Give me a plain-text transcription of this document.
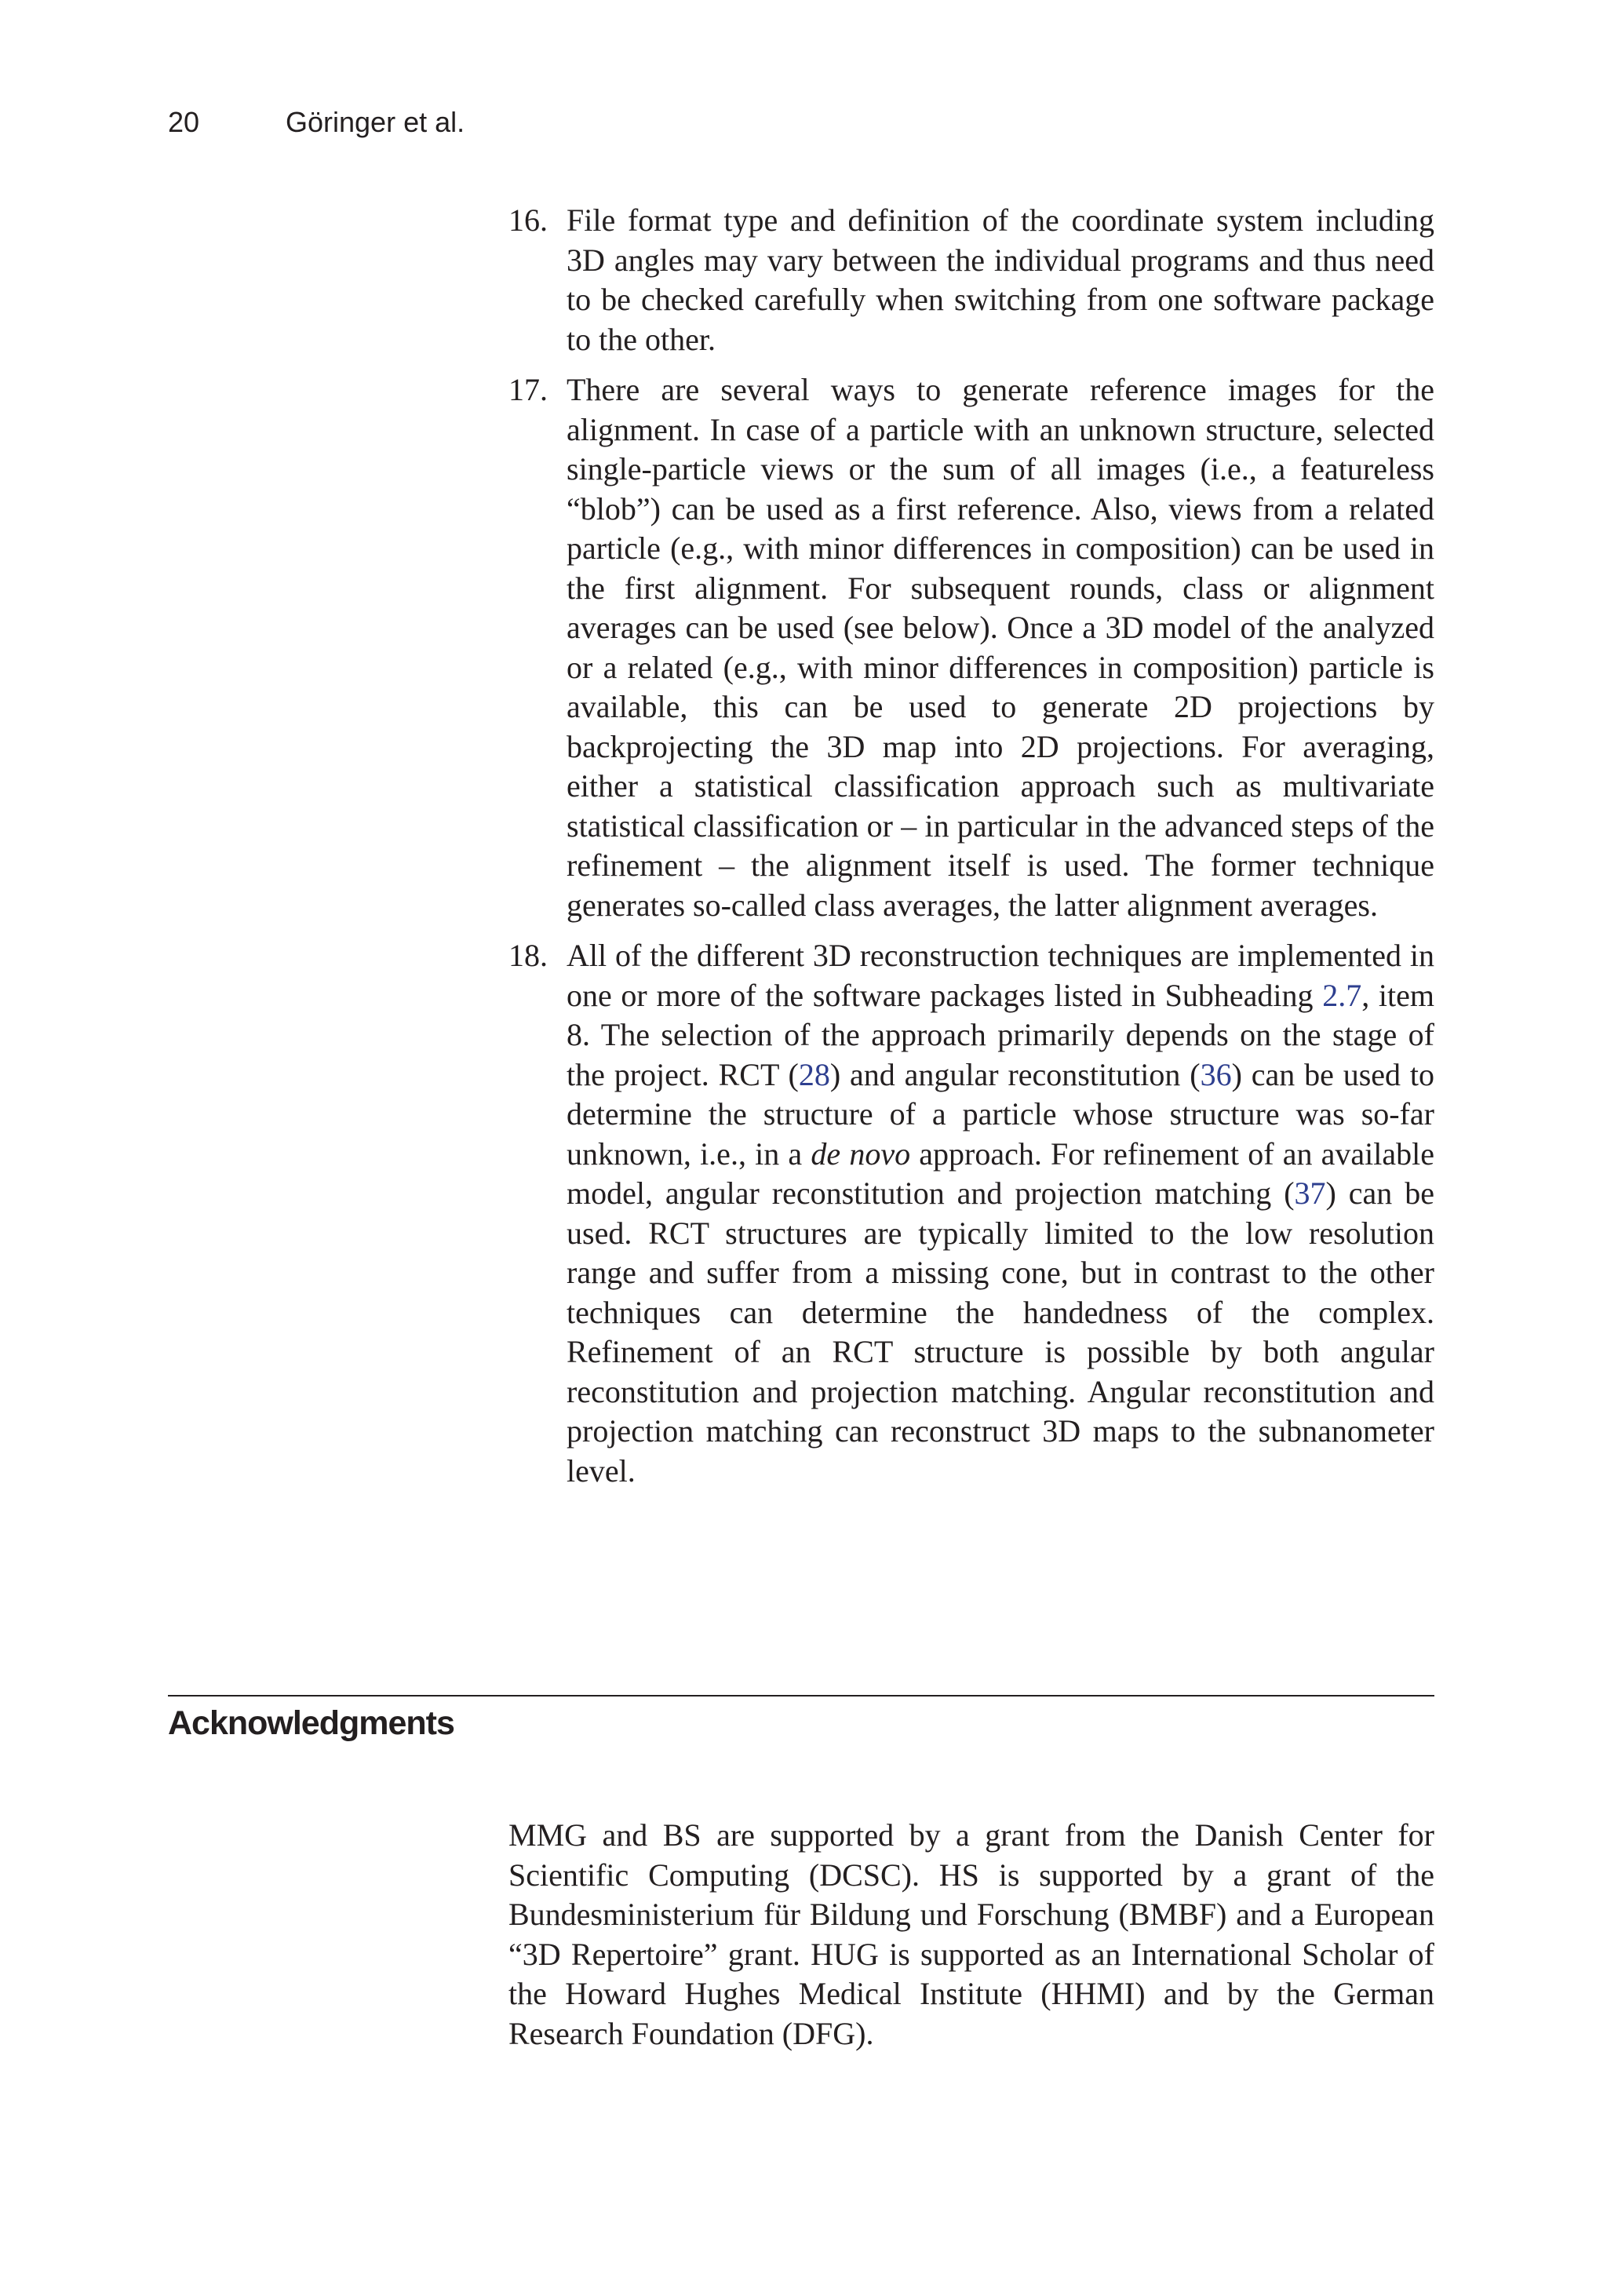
20	Göringer et al.
16. File format type and definition of the coordinate system including 3D angles may vary between the individual programs and thus need to be checked carefully when switching from one software package to the other.
17. There are several ways to generate reference images for the alignment. In case of a particle with an unknown structure, selected single-particle views or the sum of all images (i.e., a featureless “blob”) can be used as a first reference. Also, views from a related particle (e.g., with minor differences in composition) can be used in the first alignment. For subsequent rounds, class or alignment averages can be used (see below). Once a 3D model of the analyzed or a related (e.g., with minor differences in composition) particle is available, this can be used to generate 2D projections by backprojecting the 3D map into 2D projections. For averaging, either a statistical classification approach such as multivariate statistical classification or – in particular in the advanced steps of the refinement – the alignment itself is used. The former technique generates so-called class averages, the latter alignment averages.
18. All of the different 3D reconstruction techniques are implemented in one or more of the software packages listed in Subheading 2.7, item 8. The selection of the approach primarily depends on the stage of the project. RCT (28) and angular reconstitution (36) can be used to determine the structure of a particle whose structure was so-far unknown, i.e., in a de novo approach. For refinement of an available model, angular reconstitution and projection matching (37) can be used. RCT structures are typically limited to the low resolution range and suffer from a missing cone, but in contrast to the other techniques can determine the handedness of the complex. Refinement of an RCT structure is possible by both angular reconstitution and projection matching. Angular reconstitution and projection matching can reconstruct 3D maps to the subnanometer level.
Acknowledgments
MMG and BS are supported by a grant from the Danish Center for Scientific Computing (DCSC). HS is supported by a grant of the Bundesministerium für Bildung und Forschung (BMBF) and a European “3D Repertoire” grant. HUG is supported as an International Scholar of the Howard Hughes Medical Institute (HHMI) and by the German Research Foundation (DFG).
